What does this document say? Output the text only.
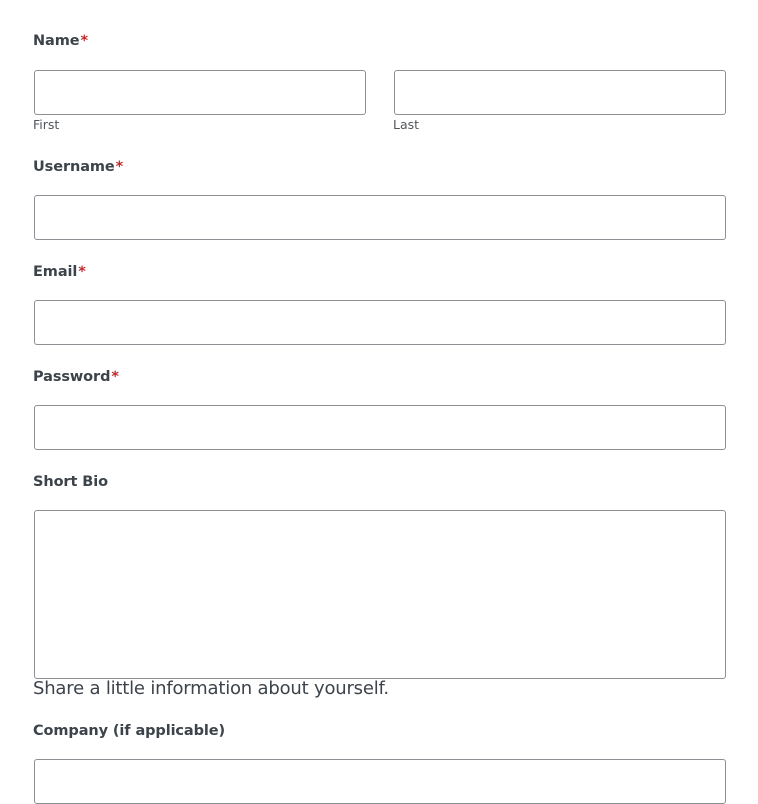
Name*
First	Last
Username*
Email*
Password*
Short Bio
Share a little information about yourself.
Company (if applicable)
